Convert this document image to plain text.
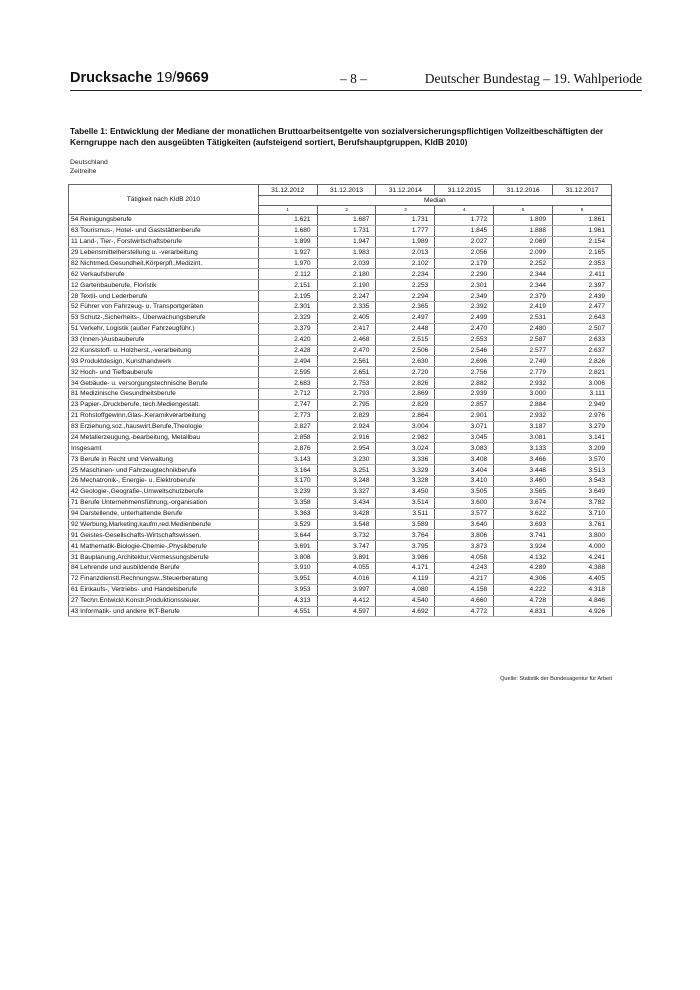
Drucksache 19/9669	– 8 –	Deutscher Bundestag – 19. Wahlperiode
Tabelle 1: Entwicklung der Mediane der monatlichen Bruttoarbeitsentgelte von sozialversicherungspflichtigen Vollzeitbeschäftigten der Kerngruppe nach den ausgeübten Tätigkeiten (aufsteigend sortiert, Berufshauptgruppen, KldB 2010)
Deutschland
Zeitreihe
Tätigkeit nach KldB 2010	31.12.2012	31.12.2013	31.12.2014	31.12.2015	31.12.2016	31.12.2017
	Median					
	1	2	3	4	5	6
54 Reinigungsberufe	1.621	1.687	1.731	1.772	1.809	1.861
63 Tourismus-, Hotel- und Gaststättenberufe	1.680	1.731	1.777	1.845	1.888	1.961
11 Land-, Tier-, Forstwirtschaftsberufe	1.899	1.947	1.989	2.027	2.069	2.154
29 Lebensmittelherstellung u. -verarbeitung	1.927	1.983	2.013	2.056	2.099	2.165
82 Nichtmed.Gesundheit,Körperpfl.,Medizint.	1.970	2.039	2.102	2.179	2.252	2.353
62 Verkaufsberufe	2.112	2.180	2.234	2.290	2.344	2.411
12 Gartenbauberufe, Floristik	2.151	2.190	2.253	2.301	2.344	2.397
28 Textil- und Lederberufe	2.195	2.247	2.294	2.349	2.379	2.439
52 Führer von Fahrzeug- u. Transportgeräten	2.301	2.335	2.365	2.392	2.419	2.477
53 Schutz-,Sicherheits-, Überwachungsberufe	2.329	2.405	2.497	2.499	2.531	2.643
51 Verkehr, Logistik (außer Fahrzeugführ.)	2.379	2.417	2.448	2.470	2.480	2.507
33 (Innen-)Ausbauberufe	2.420	2.468	2.515	2.553	2.587	2.633
22 Kunststoff- u. Holzherst.,-verarbeitung	2.428	2.470	2.506	2.546	2.577	2.637
93 Produktdesign, Kunsthandwerk	2.494	2.561	2.630	2.696	2.749	2.826
32 Hoch- und Tiefbauberufe	2.595	2.651	2.720	2.756	2.779	2.821
34 Gebäude- u. versorgungstechnische Berufe	2.683	2.753	2.826	2.882	2.932	3.006
81 Medizinische Gesundheitsberufe	2.712	2.793	2.869	2.939	3.000	3.111
23 Papier-,Druckberufe, tech.Mediengestalt.	2.747	2.795	2.829	2.857	2.884	2.949
21 Rohstoffgewinn,Glas-,Keramikverarbeitung	2.773	2.829	2.864	2.901	2.932	2.976
83 Erziehung,soz.,hauswirt.Berufe,Theologie	2.827	2.924	3.004	3.071	3.187	3.279
24 Metallerzeugung,-bearbeitung, Metallbau	2.858	2.916	2.982	3.045	3.081	3.141
Insgesamt	2.876	2.954	3.024	3.083	3.133	3.209
73 Berufe in Recht und Verwaltung	3.143	3.230	3.336	3.408	3.466	3.570
25 Maschinen- und Fahrzeugtechnikberufe	3.164	3.251	3.329	3.404	3.448	3.513
26 Mechatronik-, Energie- u. Elektroberufe	3.170	3.248	3.328	3.410	3.460	3.543
42 Geologie-,Geografie-,Umweltschutzberufe	3.239	3.327	3.450	3.505	3.565	3.649
71 Berufe Unternehmensführung,-organisation	3.358	3.434	3.514	3.600	3.674	3.782
94 Darstellende, unterhaltende Berufe	3.363	3.428	3.511	3.577	3.622	3.710
92 Werbung,Marketing,kaufm,red.Medienberufe	3.529	3.548	3.589	3.640	3.693	3.761
91 Geistes-Gesellschafts-Wirtschaftswissen.	3.644	3.732	3.764	3.806	3.741	3.800
41 Mathematik-Biologie-Chemie-,Physikberufe	3.691	3.747	3.795	3.873	3.924	4.000
31 Bauplanung,Architektur,Vermessungsberufe	3.808	3.891	3.986	4.058	4.132	4.241
84 Lehrende und ausbildende Berufe	3.910	4.055	4.171	4.243	4.289	4.388
72 Finanzdienstl.Rechnungsw.,Steuerberatung	3.951	4.016	4.119	4.217	4.306	4.405
61 Einkaufs-, Vertriebs- und Handelsberufe	3.953	3.997	4.080	4.158	4.222	4.318
27 Techn.Entwickl.Konstr.Produktionssteuer.	4.313	4.412	4.540	4.660	4.728	4.846
43 Informatik- und andere IKT-Berufe	4.551	4.597	4.692	4.772	4.831	4.926
Quelle: Statistik der Bundesagentur für Arbeit
